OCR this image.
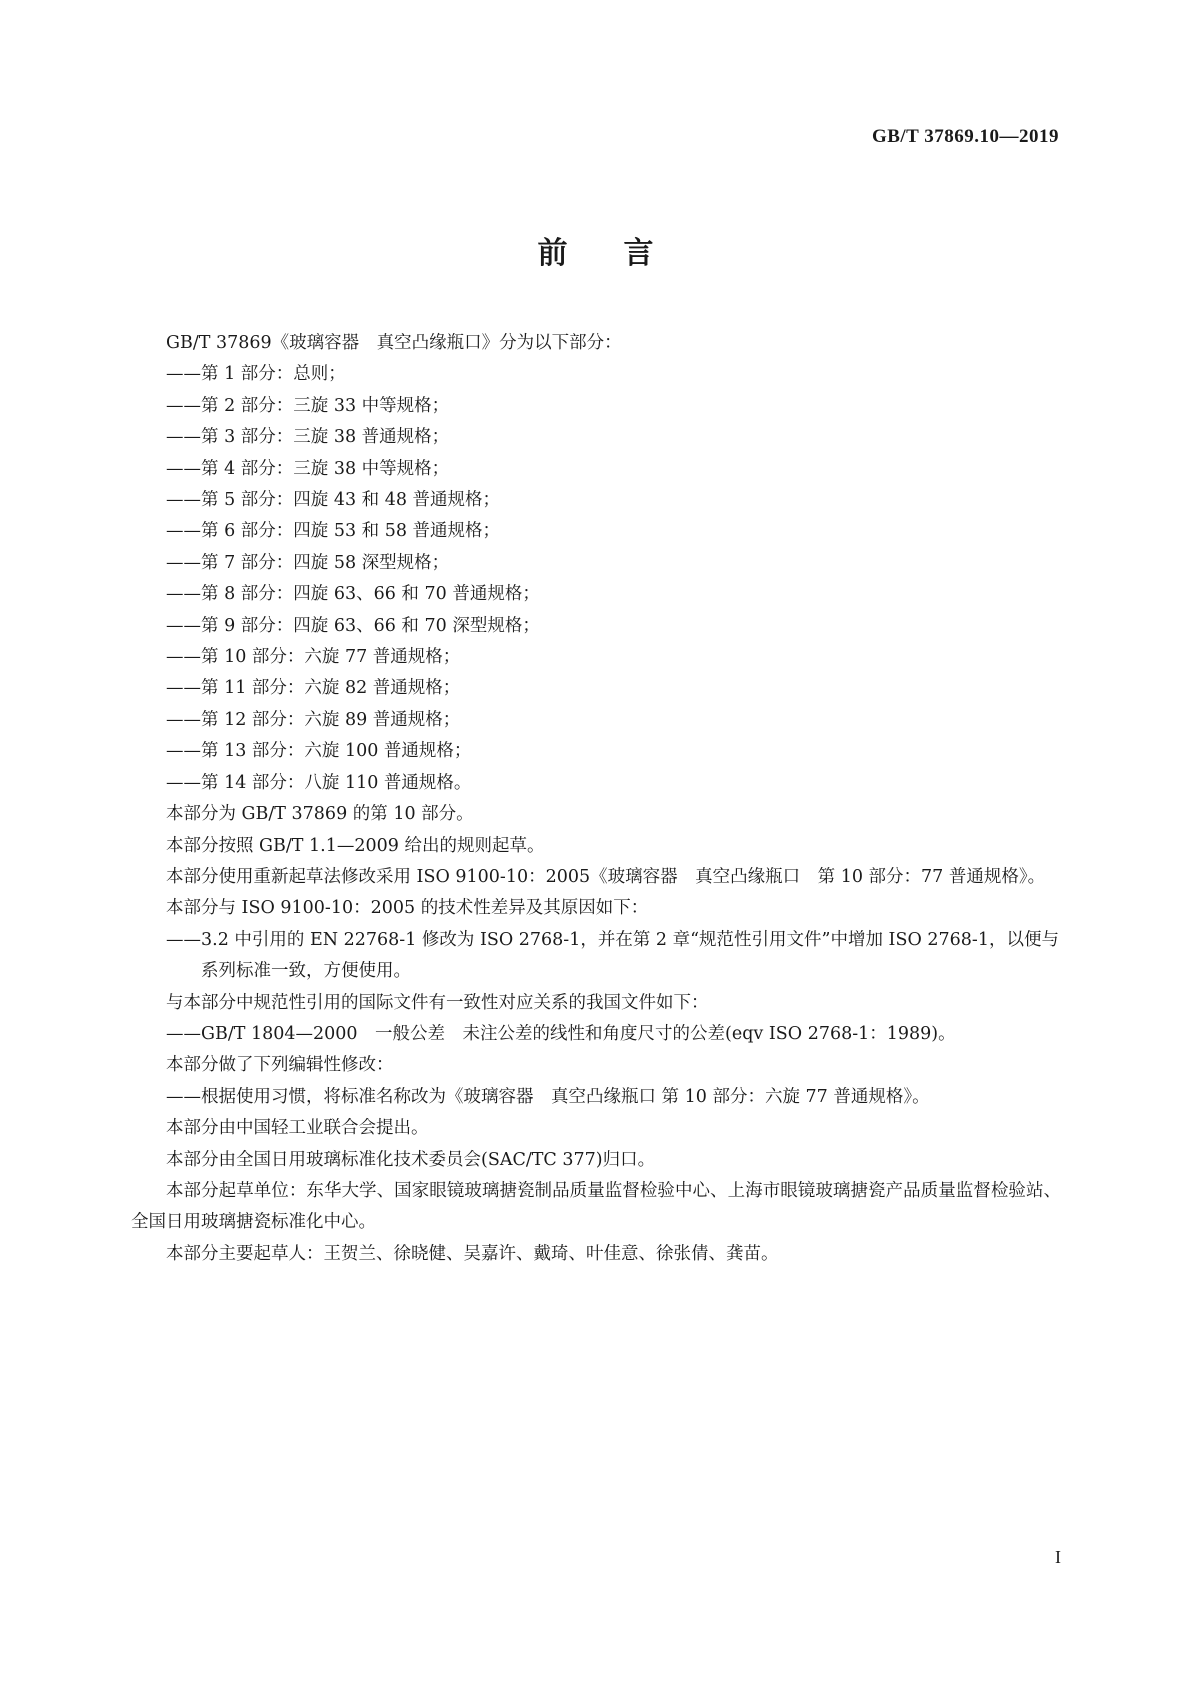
GB/T 37869.10—2019
前言

GB/T 37869《玻璃容器　真空凸缘瓶口》分为以下部分：

——第 1 部分：总则；

——第 2 部分：三旋 33 中等规格；

——第 3 部分：三旋 38 普通规格；

——第 4 部分：三旋 38 中等规格；

——第 5 部分：四旋 43 和 48 普通规格；

——第 6 部分：四旋 53 和 58 普通规格；

——第 7 部分：四旋 58 深型规格；

——第 8 部分：四旋 63、66 和 70 普通规格；

——第 9 部分：四旋 63、66 和 70 深型规格；

——第 10 部分：六旋 77 普通规格；

——第 11 部分：六旋 82 普通规格；

——第 12 部分：六旋 89 普通规格；

——第 13 部分：六旋 100 普通规格；

——第 14 部分：八旋 110 普通规格。

本部分为 GB/T 37869 的第 10 部分。

本部分按照 GB/T 1.1—2009 给出的规则起草。

本部分使用重新起草法修改采用 ISO 9100-10：2005《玻璃容器　真空凸缘瓶口　第 10 部分：77 普通规格》。

本部分与 ISO 9100-10：2005 的技术性差异及其原因如下：

——3.2 中引用的 EN 22768-1 修改为 ISO 2768-1，并在第 2 章“规范性引用文件”中增加 ISO 2768-1，以便与系列标准一致，方便使用。

与本部分中规范性引用的国际文件有一致性对应关系的我国文件如下：

——GB/T 1804—2000　一般公差　未注公差的线性和角度尺寸的公差(eqv ISO 2768-1：1989)。

本部分做了下列编辑性修改：

——根据使用习惯，将标准名称改为《玻璃容器　真空凸缘瓶口 第 10 部分：六旋 77 普通规格》。

本部分由中国轻工业联合会提出。

本部分由全国日用玻璃标准化技术委员会(SAC/TC 377)归口。

本部分起草单位：东华大学、国家眼镜玻璃搪瓷制品质量监督检验中心、上海市眼镜玻璃搪瓷产品质量监督检验站、全国日用玻璃搪瓷标准化中心。

本部分主要起草人：王贺兰、徐晓健、吴嘉许、戴琦、叶佳意、徐张倩、龚苗。

I
